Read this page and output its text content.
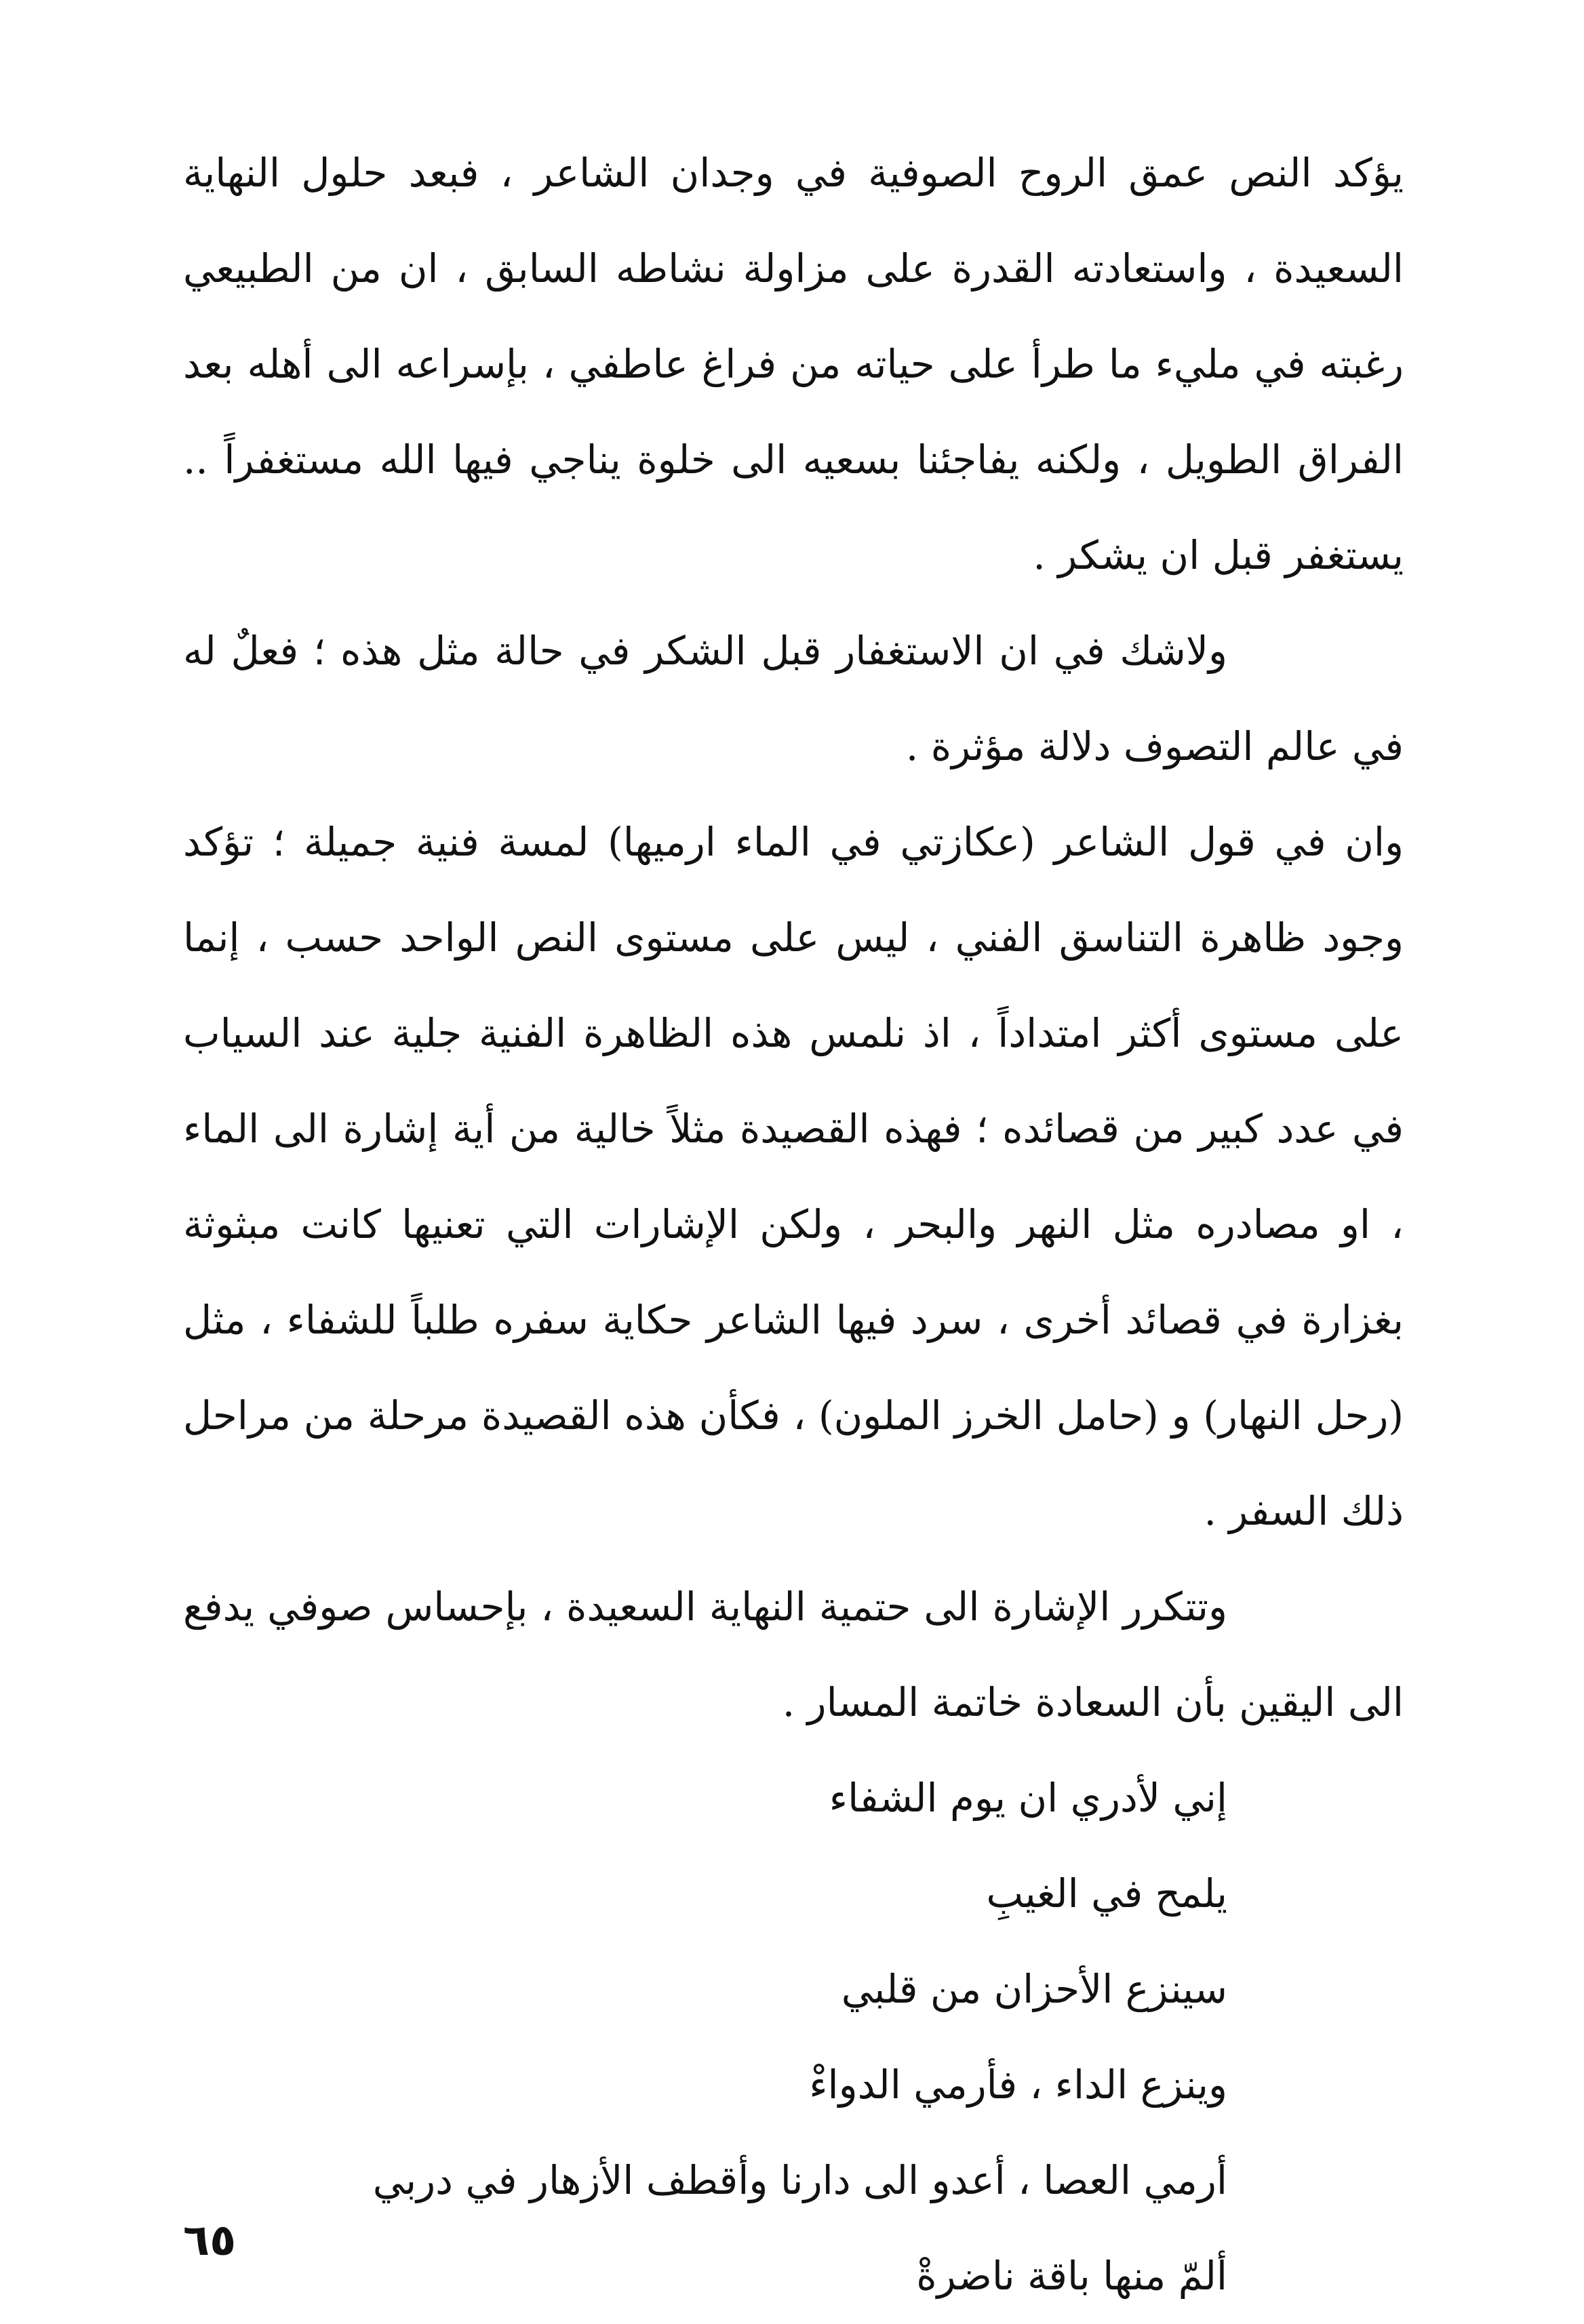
يؤكد النص عمق الروح الصوفية في وجدان الشاعر ، فبعد حلول النهاية السعيدة ، واستعادته القدرة على مزاولة نشاطه السابق ، ان من الطبيعي رغبته في مليء ما طرأ على حياته من فراغ عاطفي ، بإسراعه الى أهله بعد الفراق الطويل ، ولكنه يفاجئنا بسعيه الى خلوة يناجي فيها الله مستغفراً .. يستغفر قبل ان يشكر .

ولاشك في ان الاستغفار قبل الشكر في حالة مثل هذه ؛ فعلٌ له في عالم التصوف دلالة مؤثرة .

وان في قول الشاعر (عكازتي في الماء ارميها) لمسة فنية جميلة ؛ تؤكد وجود ظاهرة التناسق الفني ، ليس على مستوى النص الواحد حسب ، إنما على مستوى أكثر امتداداً ، اذ نلمس هذه الظاهرة الفنية جلية عند السياب في عدد كبير من قصائده ؛ فهذه القصيدة مثلاً خالية من أية إشارة الى الماء ، او مصادره مثل النهر والبحر ، ولكن الإشارات التي تعنيها كانت مبثوثة بغزارة في قصائد أخرى ، سرد فيها الشاعر حكاية سفره طلباً للشفاء ، مثل (رحل النهار) و (حامل الخرز الملون) ، فكأن هذه القصيدة مرحلة من مراحل ذلك السفر .

وتتكرر الإشارة الى حتمية النهاية السعيدة ، بإحساس صوفي يدفع الى اليقين بأن السعادة خاتمة المسار .

إني لأدري ان يوم الشفاء
يلمح في الغيبِ
سينزع الأحزان من قلبي
وينزع الداء ، فأرمي الدواءْ
أرمي العصا ، أعدو الى دارنا وأقطف الأزهار في دربي
ألمّ منها باقة ناضرةْ
٦٥
